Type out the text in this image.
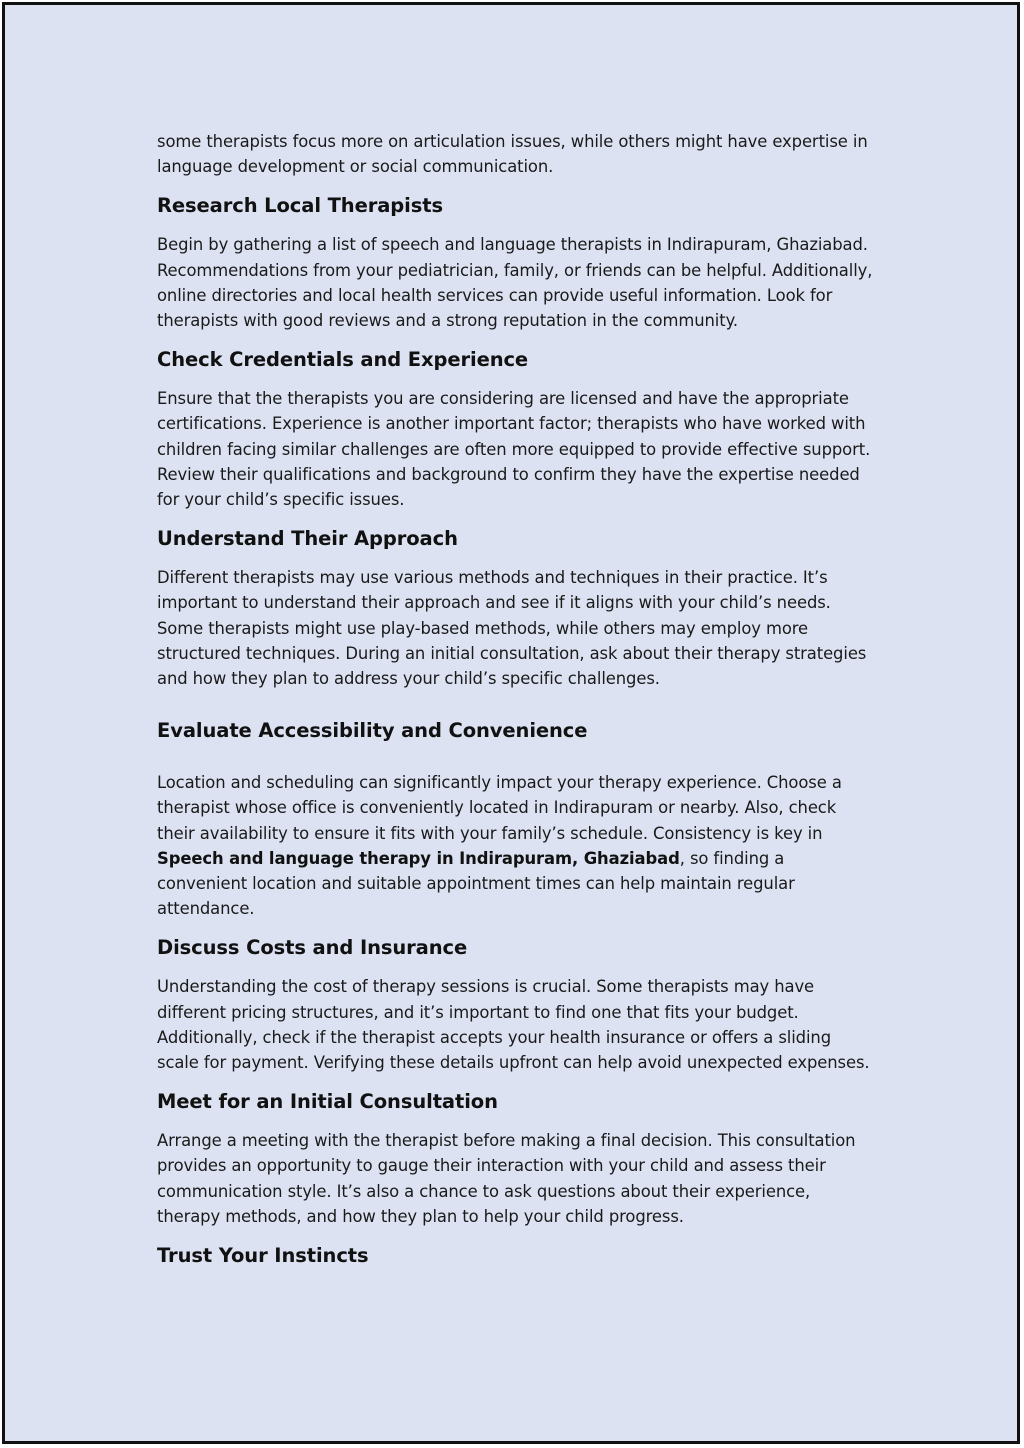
some therapists focus more on articulation issues, while others might have expertise in language development or social communication.

Research Local Therapists

Begin by gathering a list of speech and language therapists in Indirapuram, Ghaziabad. Recommendations from your pediatrician, family, or friends can be helpful. Additionally, online directories and local health services can provide useful information. Look for therapists with good reviews and a strong reputation in the community.

Check Credentials and Experience

Ensure that the therapists you are considering are licensed and have the appropriate certifications. Experience is another important factor; therapists who have worked with children facing similar challenges are often more equipped to provide effective support. Review their qualifications and background to confirm they have the expertise needed for your child’s specific issues.

Understand Their Approach

Different therapists may use various methods and techniques in their practice. It’s important to understand their approach and see if it aligns with your child’s needs. Some therapists might use play-based methods, while others may employ more structured techniques. During an initial consultation, ask about their therapy strategies and how they plan to address your child’s specific challenges.

Evaluate Accessibility and Convenience

Location and scheduling can significantly impact your therapy experience. Choose a therapist whose office is conveniently located in Indirapuram or nearby. Also, check their availability to ensure it fits with your family’s schedule. Consistency is key in Speech and language therapy in Indirapuram, Ghaziabad, so finding a convenient location and suitable appointment times can help maintain regular attendance.

Discuss Costs and Insurance

Understanding the cost of therapy sessions is crucial. Some therapists may have different pricing structures, and it’s important to find one that fits your budget. Additionally, check if the therapist accepts your health insurance or offers a sliding scale for payment. Verifying these details upfront can help avoid unexpected expenses.

Meet for an Initial Consultation

Arrange a meeting with the therapist before making a final decision. This consultation provides an opportunity to gauge their interaction with your child and assess their communication style. It’s also a chance to ask questions about their experience, therapy methods, and how they plan to help your child progress.

Trust Your Instincts
